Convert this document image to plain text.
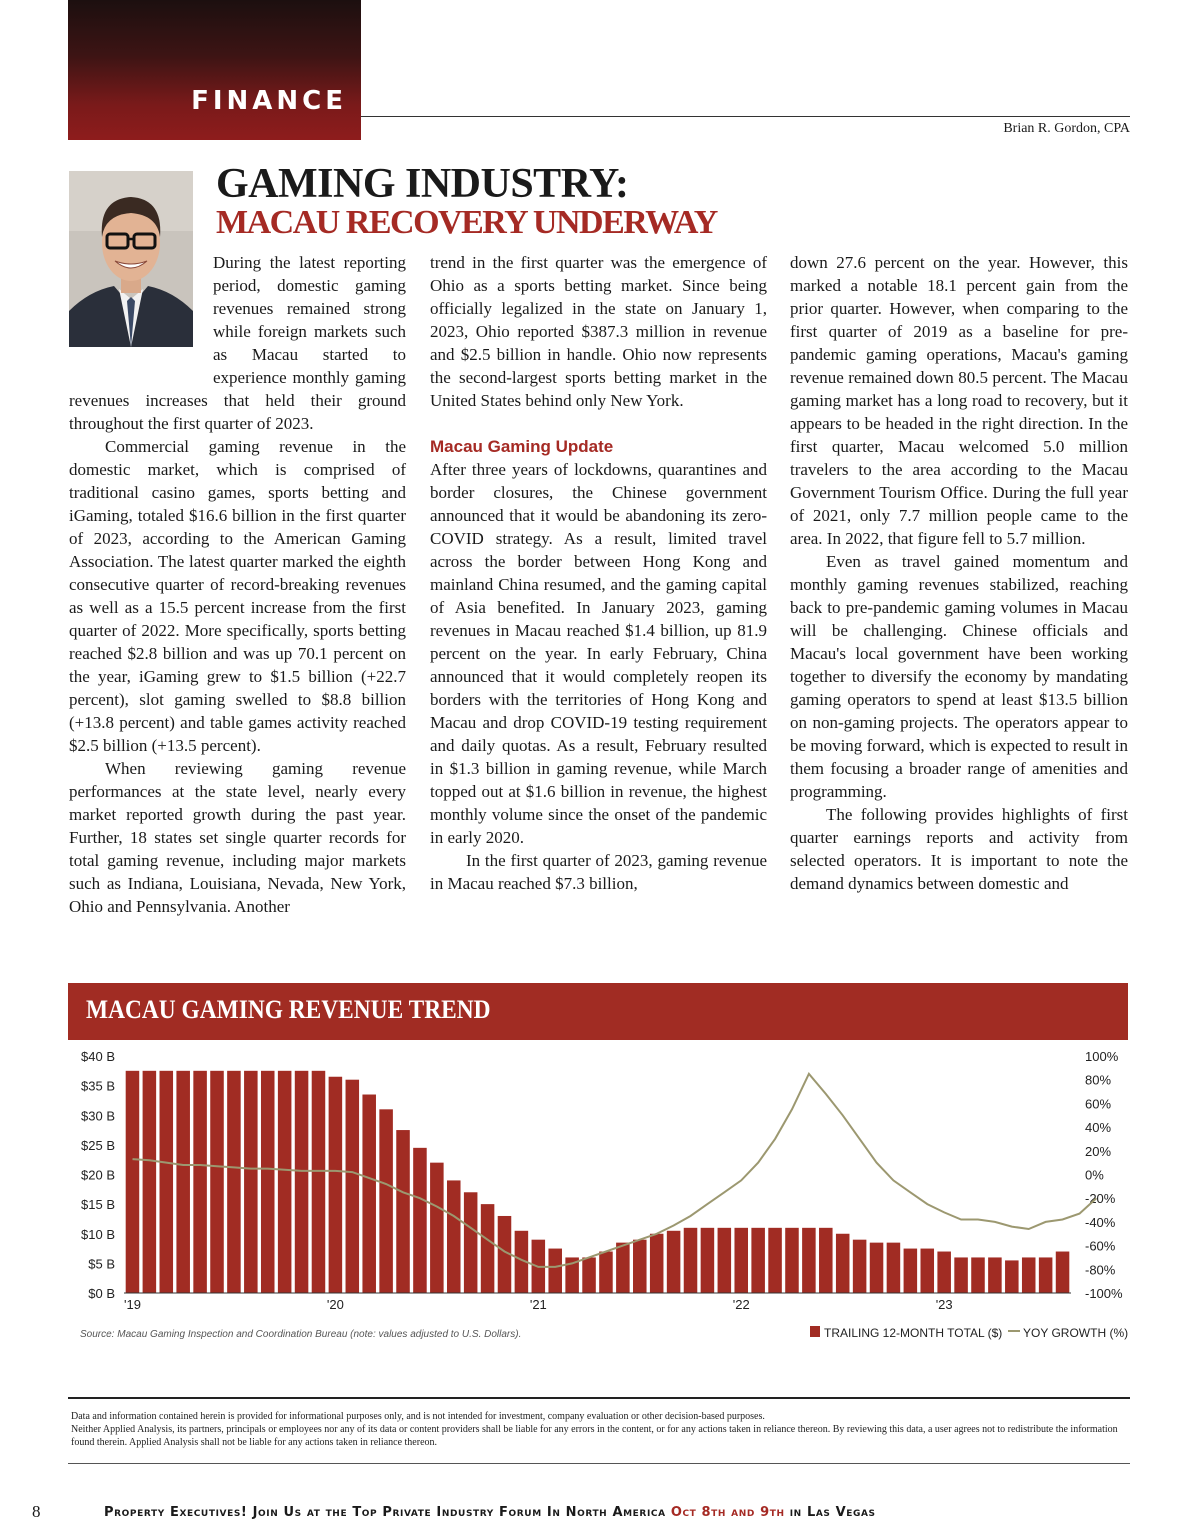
FINANCE
Brian R. Gordon, CPA
GAMING INDUSTRY:
MACAU RECOVERY UNDERWAY

During the latest reporting period, domestic gaming revenues remained strong while foreign markets such as Macau started to experience monthly gaming revenues increases that held their ground throughout the first quarter of 2023.

Commercial gaming revenue in the domestic market, which is comprised of traditional casino games, sports betting and iGaming, totaled $16.6 billion in the first quarter of 2023, according to the American Gaming Association. The latest quarter marked the eighth consecutive quarter of record-breaking revenues as well as a 15.5 percent increase from the first quarter of 2022. More specifically, sports betting reached $2.8 billion and was up 70.1 percent on the year, iGaming grew to $1.5 billion (+22.7 percent), slot gaming swelled to $8.8 billion (+13.8 percent) and table games activity reached $2.5 billion (+13.5 percent).

When reviewing gaming revenue performances at the state level, nearly every market reported growth during the past year. Further, 18 states set single quarter records for total gaming revenue, including major markets such as Indiana, Louisiana, Nevada, New York, Ohio and Pennsylvania. Another

trend in the first quarter was the emergence of Ohio as a sports betting market. Since being officially legalized in the state on January 1, 2023, Ohio reported $387.3 million in revenue and $2.5 billion in handle. Ohio now represents the second-largest sports betting market in the United States behind only New York.

Macau Gaming Update

After three years of lockdowns, quarantines and border closures, the Chinese government announced that it would be abandoning its zero-COVID strategy. As a result, limited travel across the border between Hong Kong and mainland China resumed, and the gaming capital of Asia benefited. In January 2023, gaming revenues in Macau reached $1.4 billion, up 81.9 percent on the year. In early February, China announced that it would completely reopen its borders with the territories of Hong Kong and Macau and drop COVID-19 testing requirement and daily quotas. As a result, February resulted in $1.3 billion in gaming revenue, while March topped out at $1.6 billion in revenue, the highest monthly volume since the onset of the pandemic in early 2020.

In the first quarter of 2023, gaming revenue in Macau reached $7.3 billion,

down 27.6 percent on the year. However, this marked a notable 18.1 percent gain from the prior quarter. However, when comparing to the first quarter of 2019 as a baseline for pre-pandemic gaming operations, Macau's gaming revenue remained down 80.5 percent. The Macau gaming market has a long road to recovery, but it appears to be headed in the right direction. In the first quarter, Macau welcomed 5.0 million travelers to the area according to the Macau Government Tourism Office. During the full year of 2021, only 7.7 million people came to the area. In 2022, that figure fell to 5.7 million.

Even as travel gained momentum and monthly gaming revenues stabilized, reaching back to pre-pandemic gaming volumes in Macau will be challenging. Chinese officials and Macau's local government have been working together to diversify the economy by mandating gaming operators to spend at least $13.5 billion on non-gaming projects. The operators appear to be moving forward, which is expected to result in them focusing a broader range of amenities and programming.

The following provides highlights of first quarter earnings reports and activity from selected operators. It is important to note the demand dynamics between domestic and

MACAU GAMING REVENUE TREND
$40 B
$35 B
$30 B
$25 B
$20 B
$15 B
$10 B
$5 B
$0 B
100%
80%
60%
40%
20%
0%
-20%
-40%
-60%
-80%
-100%
'19	'20	'21	'22	'23
Source: Macau Gaming Inspection and Coordination Bureau (note: values adjusted to U.S. Dollars).	TRAILING 12-MONTH TOTAL ($) YOY GROWTH (%)
Data and information contained herein is provided for informational purposes only, and is not intended for investment, company evaluation or other decision-based purposes.
Neither Applied Analysis, its partners, principals or employees nor any of its data or content providers shall be liable for any errors in the content, or for any actions taken in reliance thereon. By reviewing this data, a user agrees not to redistribute the information found therein. Applied Analysis shall not be liable for any actions taken in reliance thereon.
8	Property Executives! Join Us at the Top Private Industry Forum In North America Oct 8th and 9th in Las Vegas
